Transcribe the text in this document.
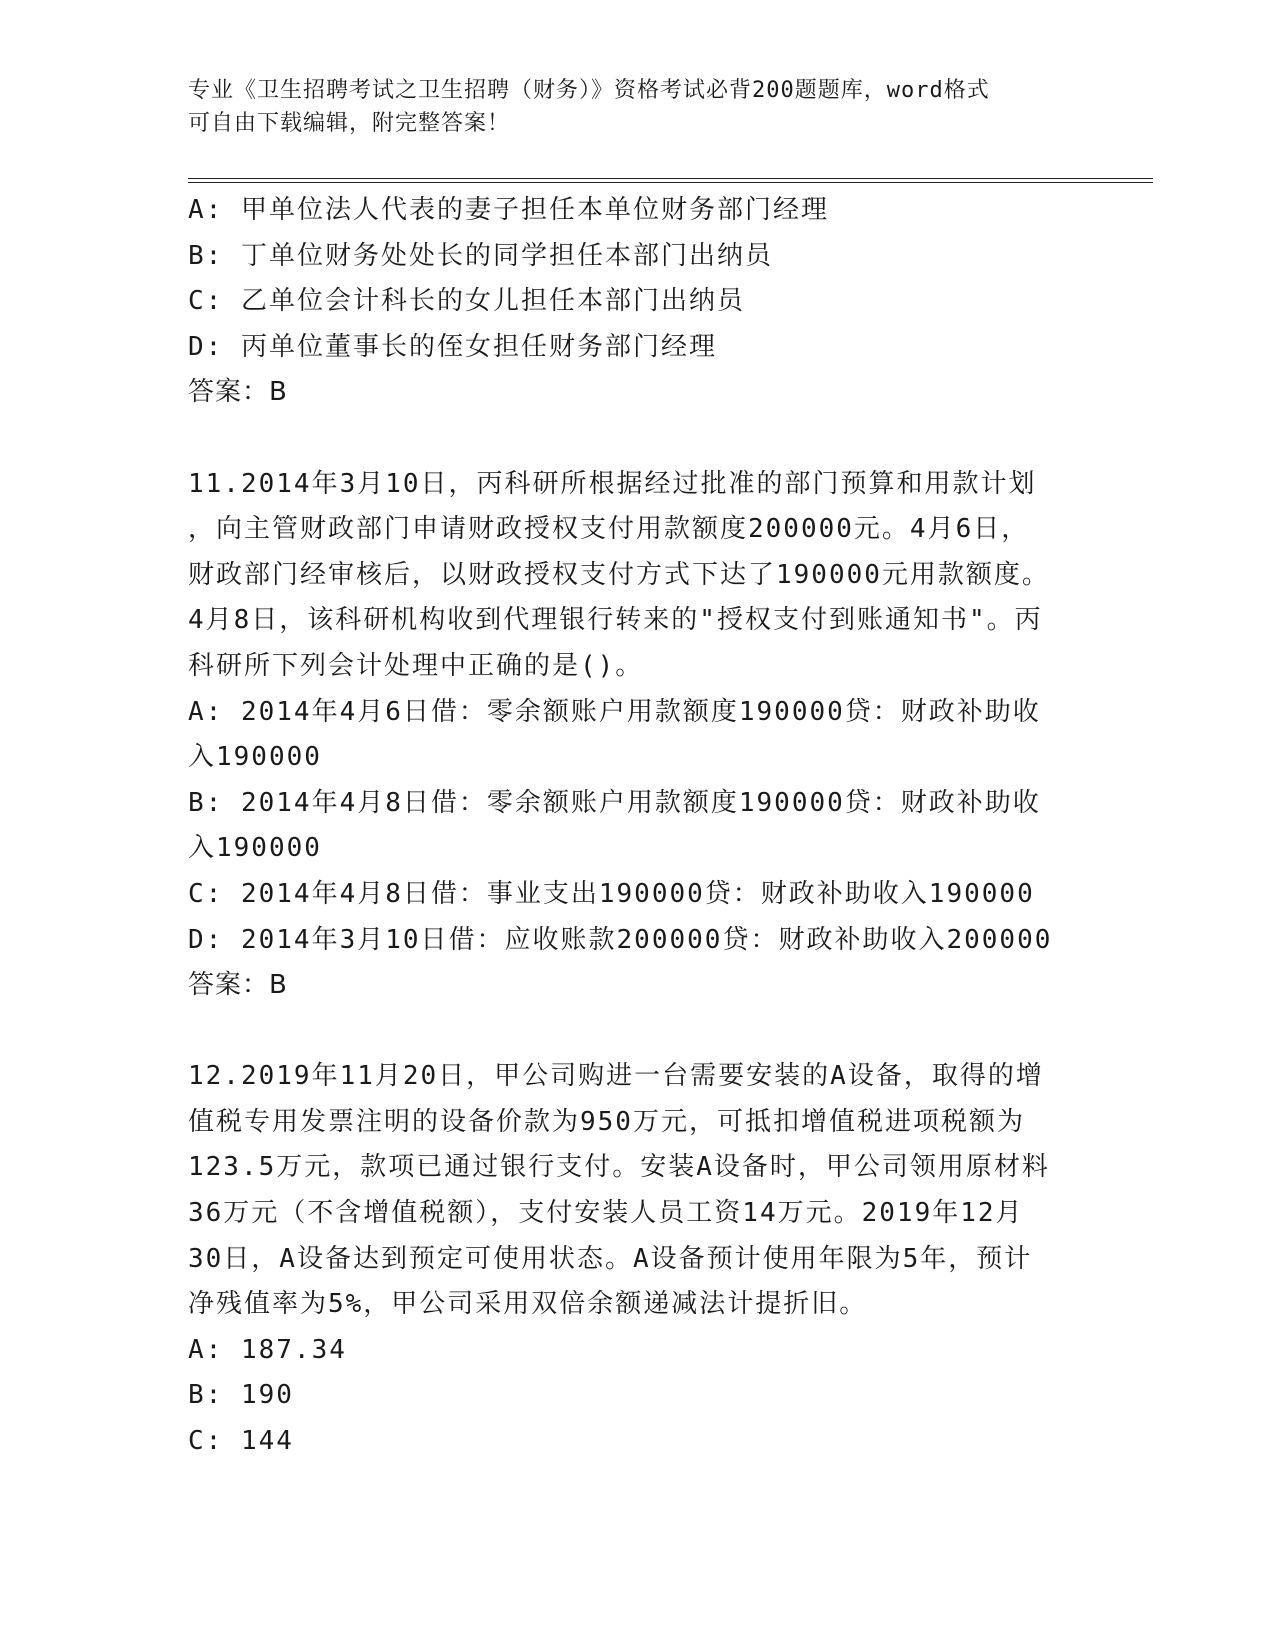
专业《卫生招聘考试之卫生招聘（财务）》资格考试必背200题题库，word格式
可自由下载编辑，附完整答案！
A: 甲单位法人代表的妻子担任本单位财务部门经理
B: 丁单位财务处处长的同学担任本部门出纳员
C: 乙单位会计科长的女儿担任本部门出纳员
D: 丙单位董事长的侄女担任财务部门经理
答案：B
11.2014年3月10日，丙科研所根据经过批准的部门预算和用款计划
，向主管财政部门申请财政授权支付用款额度200000元。4月6日，
财政部门经审核后，以财政授权支付方式下达了190000元用款额度。
4月8日，该科研机构收到代理银行转来的"授权支付到账通知书"。丙
科研所下列会计处理中正确的是()。
A: 2014年4月6日借：零余额账户用款额度190000贷：财政补助收
入190000
B: 2014年4月8日借：零余额账户用款额度190000贷：财政补助收
入190000
C: 2014年4月8日借：事业支出190000贷：财政补助收入190000
D: 2014年3月10日借：应收账款200000贷：财政补助收入200000
答案：B
12.2019年11月20日，甲公司购进一台需要安装的A设备，取得的增
值税专用发票注明的设备价款为950万元，可抵扣增值税进项税额为
123.5万元，款项已通过银行支付。安装A设备时，甲公司领用原材料
36万元（不含增值税额），支付安装人员工资14万元。2019年12月
30日，A设备达到预定可使用状态。A设备预计使用年限为5年，预计
净残值率为5%，甲公司采用双倍余额递减法计提折旧。
A: 187.34
B: 190
C: 144
